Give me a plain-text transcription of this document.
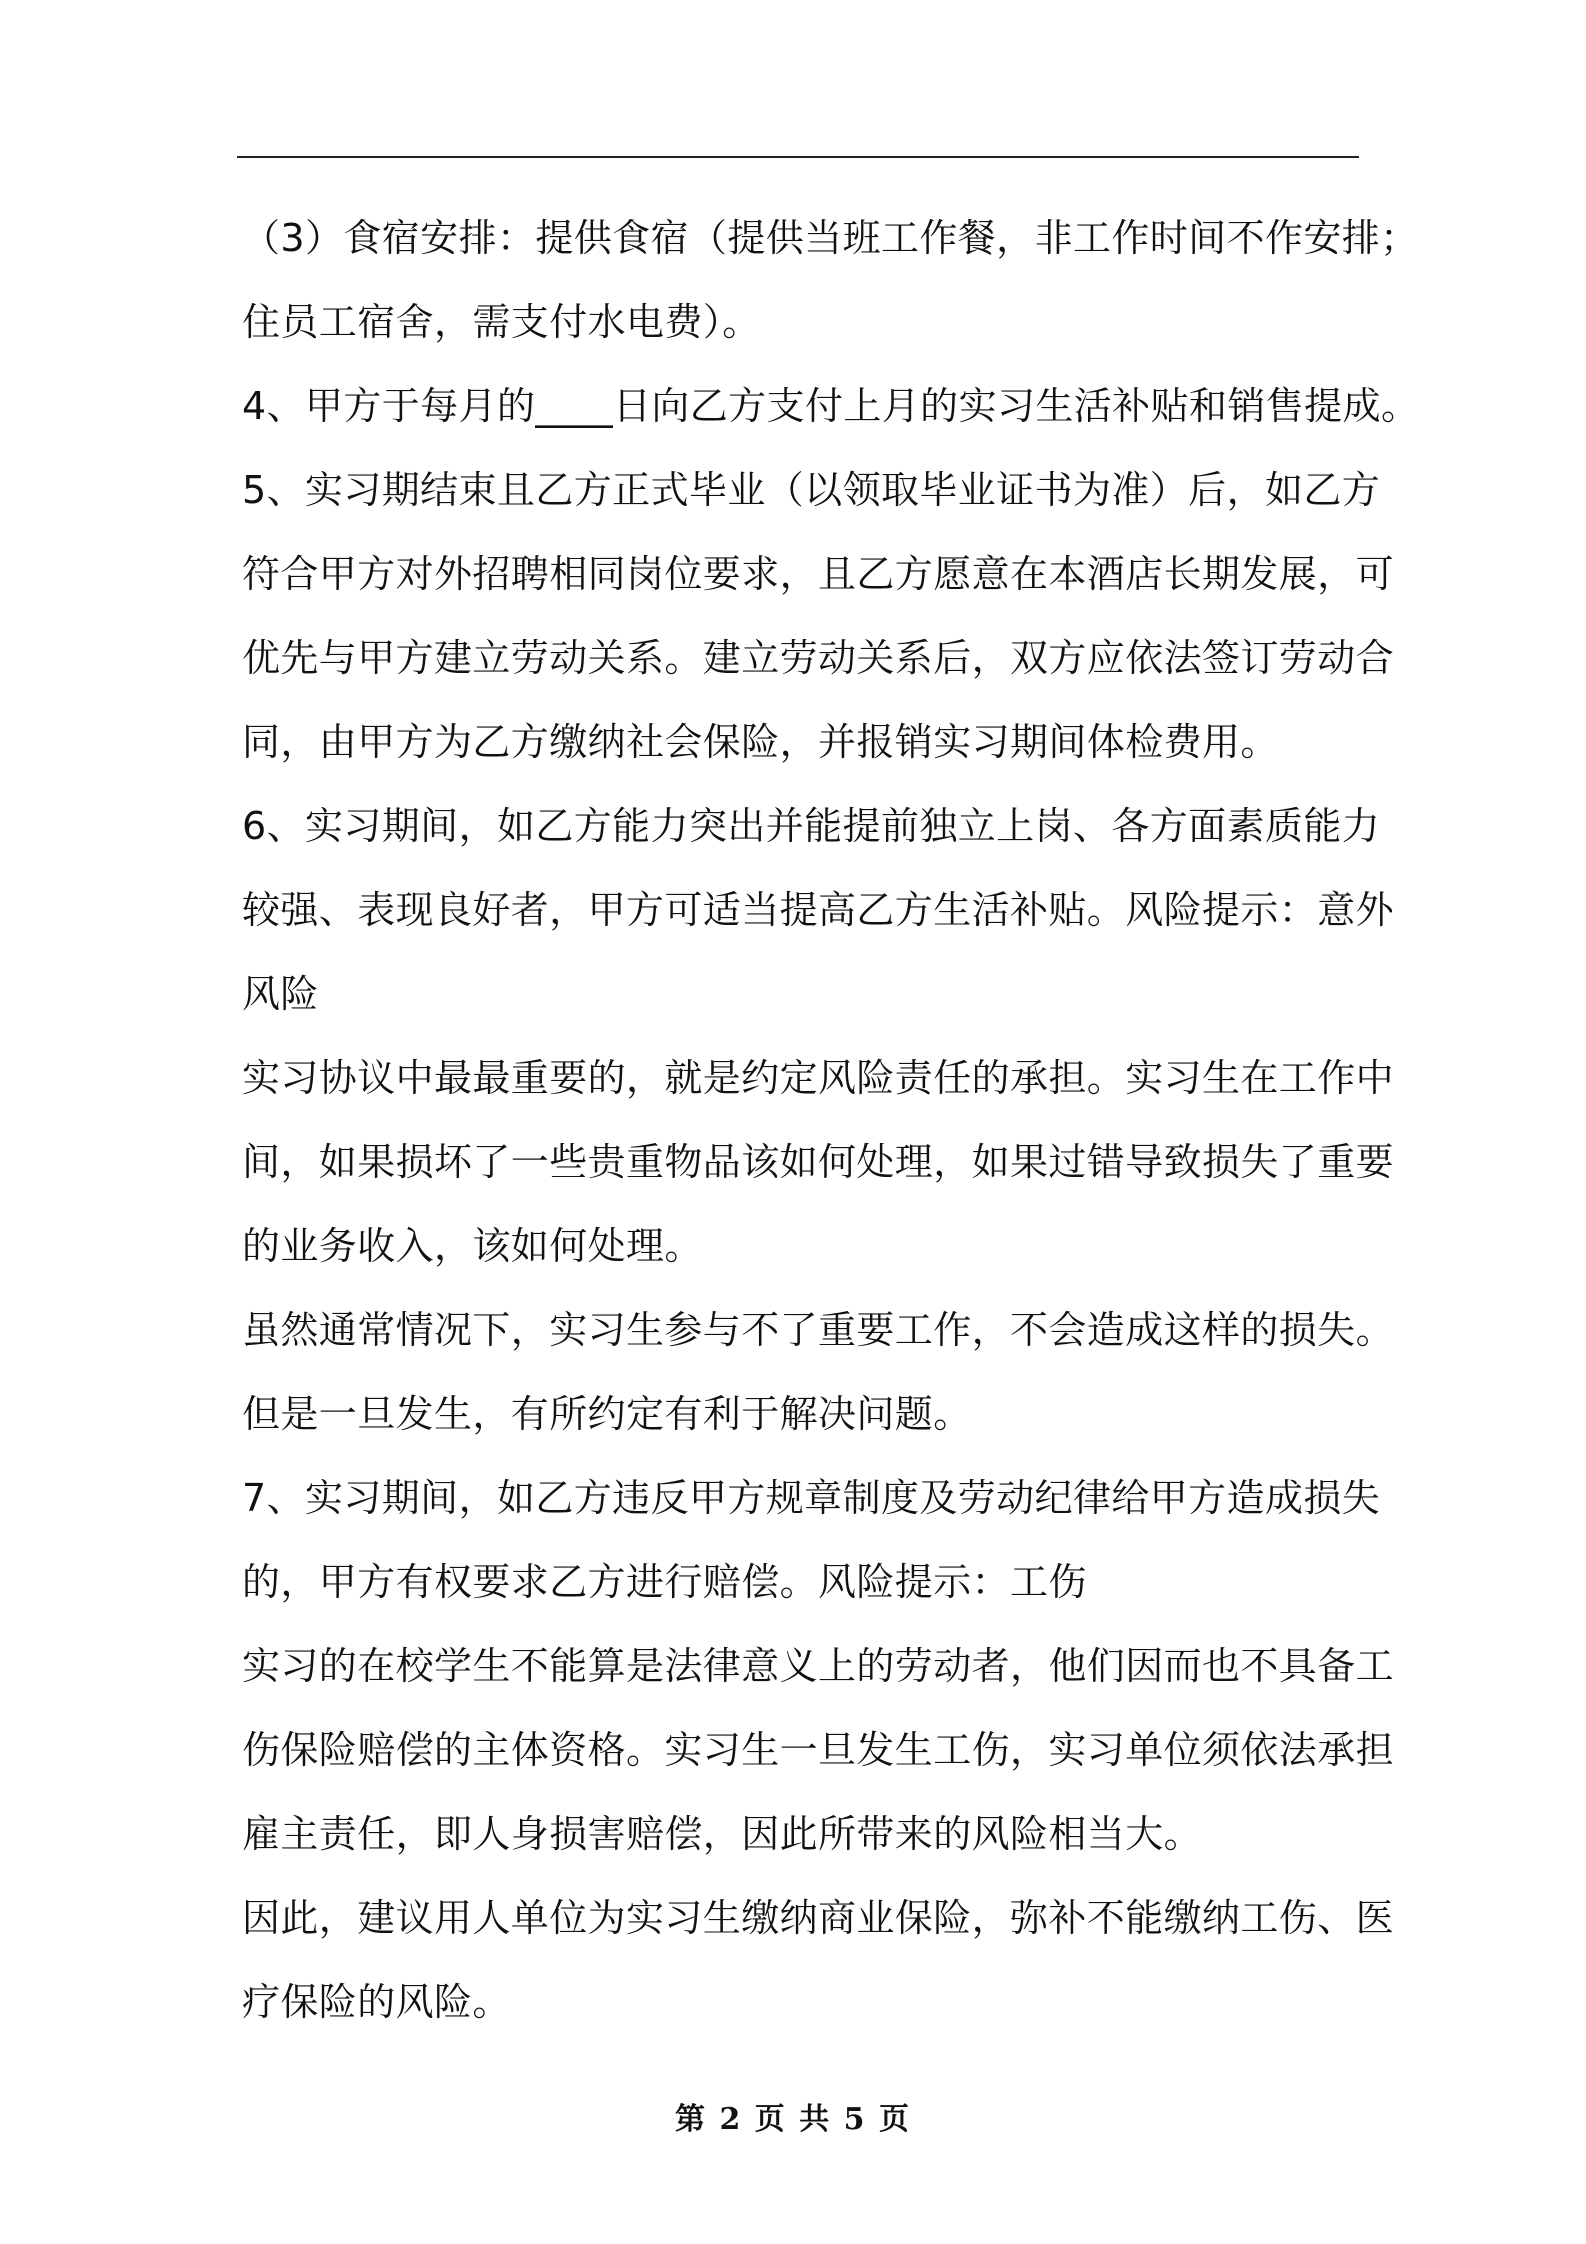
（3）食宿安排：提供食宿（提供当班工作餐，非工作时间不作安排；
住员工宿舍，需支付水电费）。
4、甲方于每月的____日向乙方支付上月的实习生活补贴和销售提成。
5、实习期结束且乙方正式毕业（以领取毕业证书为准）后，如乙方
符合甲方对外招聘相同岗位要求，且乙方愿意在本酒店长期发展，可
优先与甲方建立劳动关系。建立劳动关系后，双方应依法签订劳动合
同，由甲方为乙方缴纳社会保险，并报销实习期间体检费用。
6、实习期间，如乙方能力突出并能提前独立上岗、各方面素质能力
较强、表现良好者，甲方可适当提高乙方生活补贴。风险提示：意外
风险
实习协议中最最重要的，就是约定风险责任的承担。实习生在工作中
间，如果损坏了一些贵重物品该如何处理，如果过错导致损失了重要
的业务收入，该如何处理。
虽然通常情况下，实习生参与不了重要工作，不会造成这样的损失。
但是一旦发生，有所约定有利于解决问题。
7、实习期间，如乙方违反甲方规章制度及劳动纪律给甲方造成损失
的，甲方有权要求乙方进行赔偿。风险提示：工伤
实习的在校学生不能算是法律意义上的劳动者，他们因而也不具备工
伤保险赔偿的主体资格。实习生一旦发生工伤，实习单位须依法承担
雇主责任，即人身损害赔偿，因此所带来的风险相当大。
因此，建议用人单位为实习生缴纳商业保险，弥补不能缴纳工伤、医
疗保险的风险。
第 2 页 共 5 页
